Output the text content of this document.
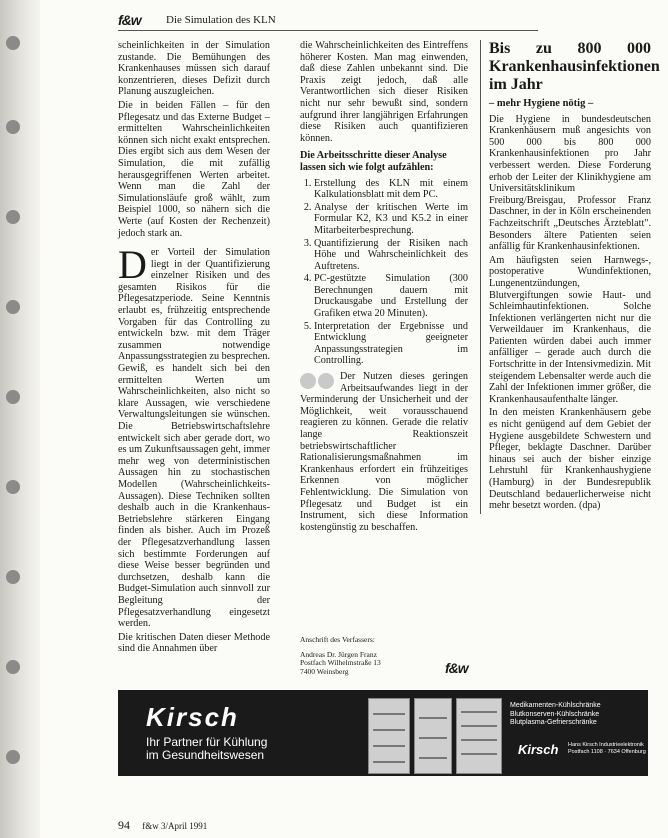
f&w Die Simulation des KLN

scheinlichkeiten in der Simulation zustande. Die Bemühungen des Krankenhauses müssen sich darauf konzentrieren, dieses Defizit durch Planung auszugleichen.

Die in beiden Fällen – für den Pflegesatz und das Externe Budget – ermittelten Wahrscheinlichkeiten können sich nicht exakt entsprechen. Dies ergibt sich aus dem Wesen der Simulation, die mit zufällig herausgegriffenen Werten arbeitet. Wenn man die Zahl der Simulationsläufe groß wählt, zum Beispiel 1000, so nähern sich die Werte (auf Kosten der Rechenzeit) jedoch stark an.

Der Vorteil der Simulation liegt in der Quantifizierung einzelner Risiken und des gesamten Risikos für die Pflegesatzperiode. Seine Kenntnis erlaubt es, frühzeitig entsprechende Vorgaben für das Controlling zu entwickeln bzw. mit dem Träger zusammen notwendige Anpassungsstrategien zu besprechen. Gewiß, es handelt sich bei den ermittelten Werten um Wahrscheinlichkeiten, also nicht so klare Aussagen, wie verschiedene Verwaltungsleitungen sie wünschen. Die Betriebswirtschaftslehre entwickelt sich aber gerade dort, wo es um Zukunftsaussagen geht, immer mehr weg von deterministischen Aussagen hin zu stochastischen Modellen (Wahrscheinlichkeits-Aussagen). Diese Techniken sollten deshalb auch in die Krankenhaus-Betriebslehre stärkeren Eingang finden als bisher. Auch im Prozeß der Pflegesatzverhandlung lassen sich bestimmte Forderungen auf diese Weise besser begründen und durchsetzen, deshalb kann die Budget-Simulation auch sinnvoll zur Begleitung der Pflegesatzverhandlung eingesetzt werden.

Die kritischen Daten dieser Methode sind die Annahmen über

die Wahrscheinlichkeiten des Eintreffens höherer Kosten. Man mag einwenden, daß diese Zahlen unbekannt sind. Die Praxis zeigt jedoch, daß alle Verantwortlichen sich dieser Risiken nicht nur sehr bewußt sind, sondern aufgrund ihrer langjährigen Erfahrungen diese Risiken auch quantifizieren können.

Die Arbeitsschritte dieser Analyse lassen sich wie folgt aufzählen:
1. Erstellung des KLN mit einem Kalkulationsblatt mit dem PC.
2. Analyse der kritischen Werte im Formular K2, K3 und K5.2 in einer Mitarbeiterbesprechung.
3. Quantifizierung der Risiken nach Höhe und Wahrscheinlichkeit des Auftretens.
4. PC-gestützte Simulation (300 Berechnungen dauern mit Druckausgabe und Erstellung der Grafiken etwa 20 Minuten).
5. Interpretation der Ergebnisse und Entwicklung geeigneter Anpassungsstrategien im Controlling.

Der Nutzen dieses geringen Arbeitsaufwandes liegt in der Verminderung der Unsicherheit und der Möglichkeit, weit vorausschauend reagieren zu können. Gerade die relativ lange Reaktionszeit betriebswirtschaftlicher Rationalisierungsmaßnahmen im Krankenhaus erfordert ein frühzeitiges Erkennen von möglicher Fehlentwicklung. Die Simulation von Pflegesatz und Budget ist ein Instrument, sich diese Information kostengünstig zu beschaffen.

Anschrift des Verfassers:
Andreas Dr. Jürgen Franz
Postfach Wilhelmstraße 13
7400 Weinsberg	f&w
Bis zu 800 000 Krankenhausinfektionen im Jahr
– mehr Hygiene nötig –

Die Hygiene in bundesdeutschen Krankenhäusern muß angesichts von 500 000 bis 800 000 Krankenhausinfektionen pro Jahr verbessert werden. Diese Forderung erhob der Leiter der Klinikhygiene am Universitätsklinikum Freiburg/Breisgau, Professor Franz Daschner, in der in Köln erscheinenden Fachzeitschrift „Deutsches Ärzteblatt". Besonders ältere Patienten seien anfällig für Krankenhausinfektionen.

Am häufigsten seien Harnwegs-, postoperative Wundinfektionen, Lungenentzündungen, Blutvergiftungen sowie Haut- und Schleimhautinfektionen. Solche Infektionen verlängerten nicht nur die Verweildauer im Krankenhaus, die Patienten würden dabei auch immer anfälliger – gerade auch durch die Fortschritte in der Intensivmedizin. Mit steigendem Lebensalter werde auch die Zahl der Infektionen immer größer, die Krankenhausaufenthalte länger.

In den meisten Krankenhäusern gebe es nicht genügend auf dem Gebiet der Hygiene ausgebildete Schwestern und Pfleger, beklagte Daschner. Darüber hinaus sei auch der bisher einzige Lehrstuhl für Krankenhaushygiene (Hamburg) in der Bundesrepublik Deutschland bedauerlicherweise nicht mehr besetzt worden. (dpa)

Kirsch
Ihr Partner für Kühlung
im Gesundheitswesen
Medikamenten-Kühlschränke
Blutkonserven-Kühlschränke
Blutplasma-Gefrierschränke
Kirsch Hans Kirsch Industrieelektronik
Postfach 1108 · 7634 Offenburg
94 f&w 3/April 1991
